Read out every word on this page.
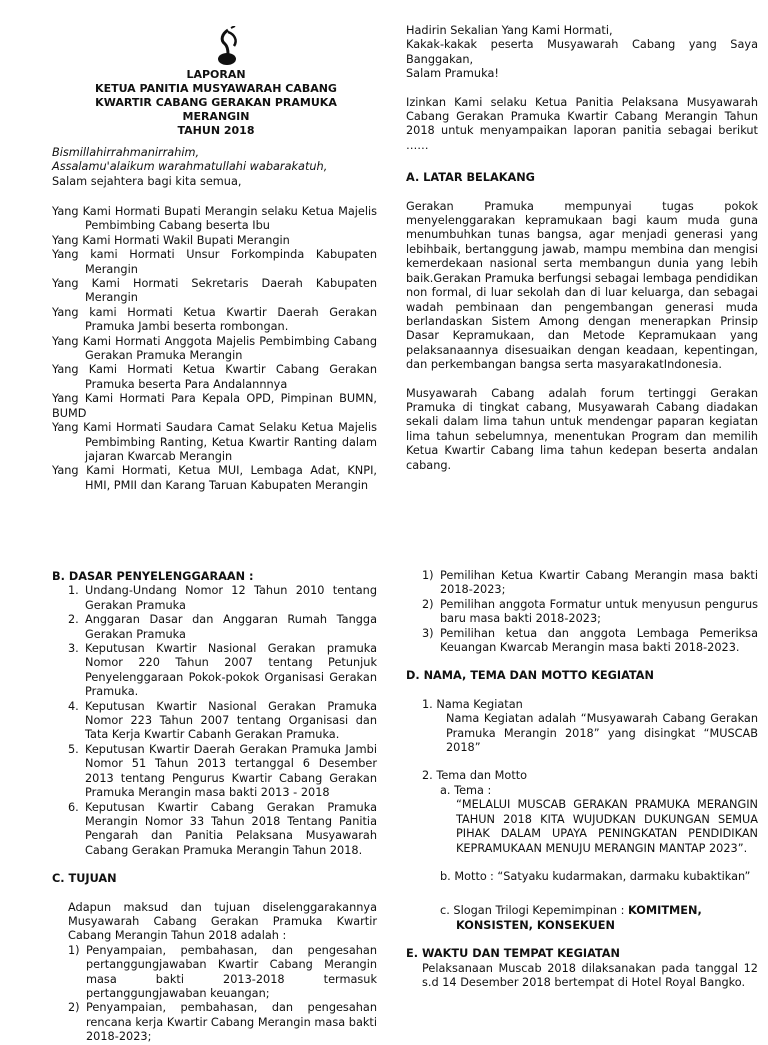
LAPORAN
KETUA PANITIA MUSYAWARAH CABANG
KWARTIR CABANG GERAKAN PRAMUKA MERANGIN
TAHUN 2018
Bismillahirrahmanirrahim,
Assalamu'alaikum warahmatullahi wabarakatuh,
Salam sejahtera bagi kita semua,
Yang Kami Hormati Bupati Merangin selaku Ketua Majelis Pembimbing Cabang beserta Ibu
Yang Kami Hormati Wakil Bupati Merangin
Yang kami Hormati Unsur Forkompinda Kabupaten Merangin
Yang Kami Hormati Sekretaris Daerah Kabupaten Merangin
Yang kami Hormati Ketua Kwartir Daerah Gerakan Pramuka Jambi beserta rombongan.
Yang Kami Hormati Anggota Majelis Pembimbing Cabang Gerakan Pramuka Merangin
Yang Kami Hormati Ketua Kwartir Cabang Gerakan Pramuka beserta Para Andalannnya
Yang Kami Hormati Para Kepala OPD, Pimpinan BUMN, BUMD
Yang Kami Hormati Saudara Camat Selaku Ketua Majelis Pembimbing Ranting, Ketua Kwartir Ranting dalam jajaran Kwarcab Merangin
Yang Kami Hormati, Ketua MUI, Lembaga Adat, KNPI, HMI, PMII dan Karang Taruan Kabupaten Merangin
Hadirin Sekalian Yang Kami Hormati,
Kakak-kakak peserta Musyawarah Cabang yang Saya Banggakan,
Salam Pramuka!
Izinkan Kami selaku Ketua Panitia Pelaksana Musyawarah Cabang Gerakan Pramuka Kwartir Cabang Merangin Tahun 2018 untuk menyampaikan laporan panitia sebagai berikut ……
A. LATAR BELAKANG
Gerakan Pramuka mempunyai tugas pokok menyelenggarakan kepramukaan bagi kaum muda guna menumbuhkan tunas bangsa, agar menjadi generasi yang lebihbaik, bertanggung jawab, mampu membina dan mengisi kemerdekaan nasional serta membangun dunia yang lebih baik.Gerakan Pramuka berfungsi sebagai lembaga pendidikan non formal, di luar sekolah dan di luar keluarga, dan sebagai wadah pembinaan dan pengembangan generasi muda berlandaskan Sistem Among dengan menerapkan Prinsip Dasar Kepramukaan, dan Metode Kepramukaan yang pelaksanaannya disesuaikan dengan keadaan, kepentingan, dan perkembangan bangsa serta masyarakatIndonesia.
Musyawarah Cabang adalah forum tertinggi Gerakan Pramuka di tingkat cabang, Musyawarah Cabang diadakan sekali dalam lima tahun untuk mendengar paparan kegiatan lima tahun sebelumnya, menentukan Program dan memilih Ketua Kwartir Cabang lima tahun kedepan beserta andalan cabang.
B. DASAR PENYELENGGARAAN :
1. Undang-Undang Nomor 12 Tahun 2010 tentang Gerakan Pramuka
2. Anggaran Dasar dan Anggaran Rumah Tangga Gerakan Pramuka
3. Keputusan Kwartir Nasional Gerakan pramuka Nomor 220 Tahun 2007 tentang Petunjuk Penyelenggaraan Pokok-pokok Organisasi Gerakan Pramuka.
4. Keputusan Kwartir Nasional Gerakan Pramuka Nomor 223 Tahun 2007 tentang Organisasi dan Tata Kerja Kwartir Cabanh Gerakan Pramuka.
5. Keputusan Kwartir Daerah Gerakan Pramuka Jambi Nomor 51 Tahun 2013 tertanggal 6 Desember 2013 tentang Pengurus Kwartir Cabang Gerakan Pramuka Merangin masa bakti 2013 - 2018
6. Keputusan Kwartir Cabang Gerakan Pramuka Merangin Nomor 33 Tahun 2018 Tentang Panitia Pengarah dan Panitia Pelaksana Musyawarah Cabang Gerakan Pramuka Merangin Tahun 2018.
C. TUJUAN
Adapun maksud dan tujuan diselenggarakannya Musyawarah Cabang Gerakan Pramuka Kwartir Cabang Merangin Tahun 2018 adalah :
1) Penyampaian, pembahasan, dan pengesahan pertanggungjawaban Kwartir Cabang Merangin masa bakti 2013-2018 termasuk pertanggungjawaban keuangan;
2) Penyampaian, pembahasan, dan pengesahan rencana kerja Kwartir Cabang Merangin masa bakti 2018-2023;
1) Pemilihan Ketua Kwartir Cabang Merangin masa bakti 2018-2023;
2) Pemilihan anggota Formatur untuk menyusun pengurus baru masa bakti 2018-2023;
3) Pemilihan ketua dan anggota Lembaga Pemeriksa Keuangan Kwarcab Merangin masa bakti 2018-2023.
D. NAMA, TEMA DAN MOTTO KEGIATAN
1. Nama Kegiatan
Nama Kegiatan adalah “Musyawarah Cabang Gerakan Pramuka Merangin 2018” yang disingkat “MUSCAB 2018”
2. Tema dan Motto
a. Tema :
“MELALUI MUSCAB GERAKAN PRAMUKA MERANGIN TAHUN 2018 KITA WUJUDKAN DUKUNGAN SEMUA PIHAK DALAM UPAYA PENINGKATAN PENDIDIKAN KEPRAMUKAAN MENUJU MERANGIN MANTAP 2023”.
b. Motto : “Satyaku kudarmakan, darmaku kubaktikan”
c. Slogan Trilogi Kepemimpinan : KOMITMEN,
KONSISTEN, KONSEKUEN
E. WAKTU DAN TEMPAT KEGIATAN
Pelaksanaan Muscab 2018 dilaksanakan pada tanggal 12 s.d 14 Desember 2018 bertempat di Hotel Royal Bangko.
